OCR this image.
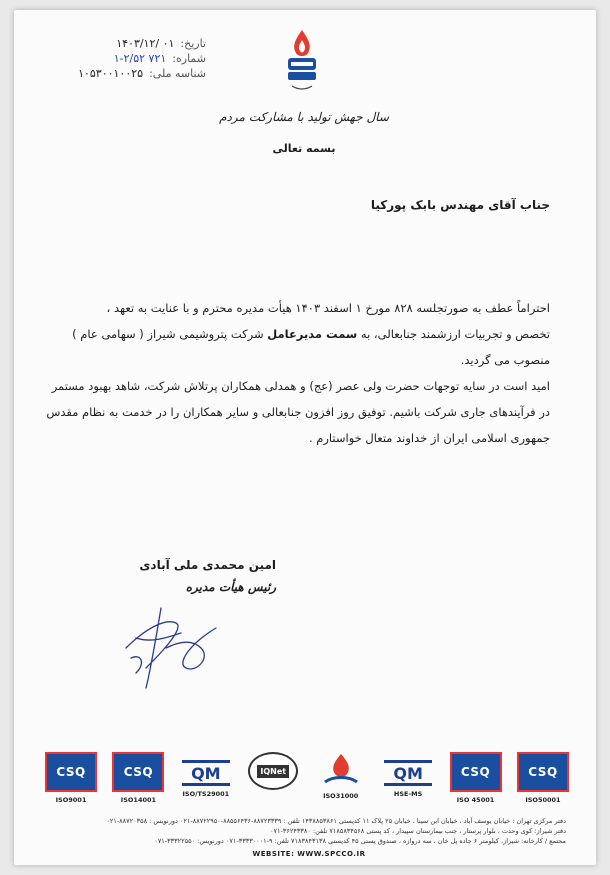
تاریخ:
۱۴۰۳/۱۲/ ۰۱
شماره:
۱-۲/۵۲ ۷۲۱
شناسه ملی:
۱۰۵۳۰۰۱۰۰۲۵
سال جهش تولید با مشارکت مردم
بسمه تعالی
جناب آقای مهندس بابک پورکیا

احتراماً عطف به صورتجلسه ۸۲۸ مورخ ۱ اسفند ۱۴۰۳ هیأت مدیره محترم و با عنایت به تعهد ،

تخصص و تجربیات ارزشمند جنابعالی، به سمت مدیرعامل شرکت پتروشیمی شیراز ( سهامی عام )

منصوب می گردید.

امید است در سایه توجهات حضرت ولی عصر (عج) و همدلی همکاران پرتلاش شرکت، شاهد بهبود مستمر

در فرآیندهای جاری شرکت باشیم. توفیق روز افزون جنابعالی و سایر همکاران را در خدمت به نظام مقدس

جمهوری اسلامی ایران از خداوند متعال خواستارم .

امین محمدی ملی آبادی
رئیس هیأت مدیره
CSQ
ISO9001
CSQ
ISO14001
QM
ISO/TS29001
IQNet
ISO31000
QM
HSE-MS
CSQ
ISO 45001
CSQ
ISO50001
دفتر مرکزی تهران : خیابان یوسف آباد ، خیابان ابن سینا ، خیابان ۲۵ پلاک ۱۱ کدپستی ۱۴۳۸۸۵۳۸۶۱ تلفن : ۸۸۷۲۳۳۳۹-۸۸۵۵۶۴۳۶-۸۸۷۲۲۹۵۰-۰۲۱ دورنویس : ۸۸۷۲۰۳۵۸-۰۲۱
دفتر شیراز: کوی وحدت ، بلوار پرستار ، جنب بیمارستان سپیدار ، کد پستی ۷۱۸۵۸۳۴۵۶۸ تلفن: ۳۶۲۴۳۳۸۰-۰۷۱
مجتمع / کارخانه: شیراز، کیلومتر ۶ جاده پل خان ، سه دروازه ، صندوق پستی ۴۵ کدپستی ۷۱۸۳۸۴۳۱۳۸ تلفن: ۹-۳۳۳۳۰۰۰۱-۰۷۱ دورنویس: ۳۳۳۲۲۵۵۰-۰۷۱
WEBSITE: WWW.SPCCO.IR
